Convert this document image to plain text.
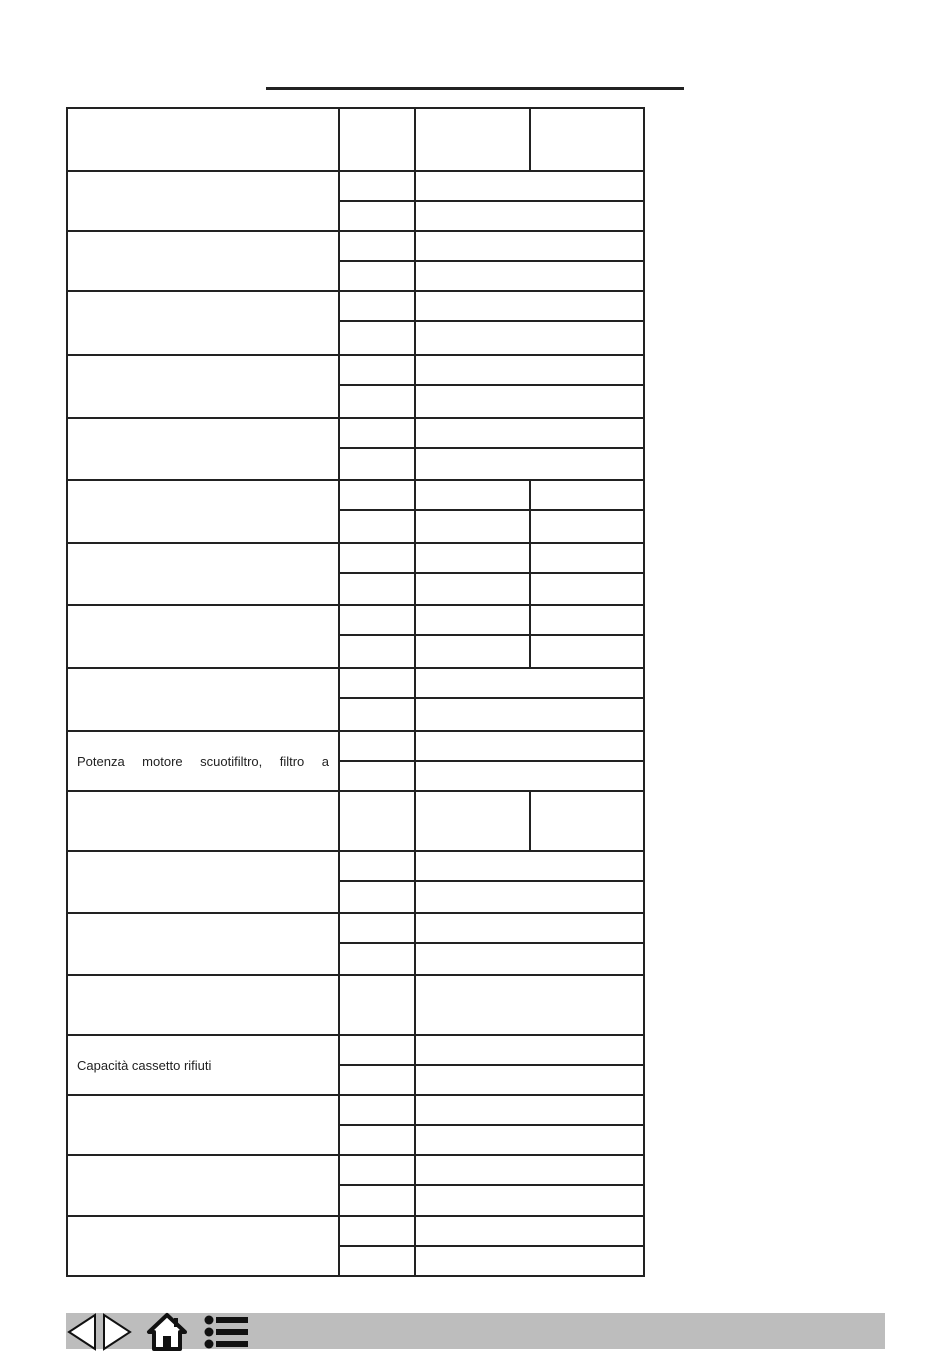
Potenza motore scuotifiltro, filtro a			

Capacità cassetto rifiuti			
